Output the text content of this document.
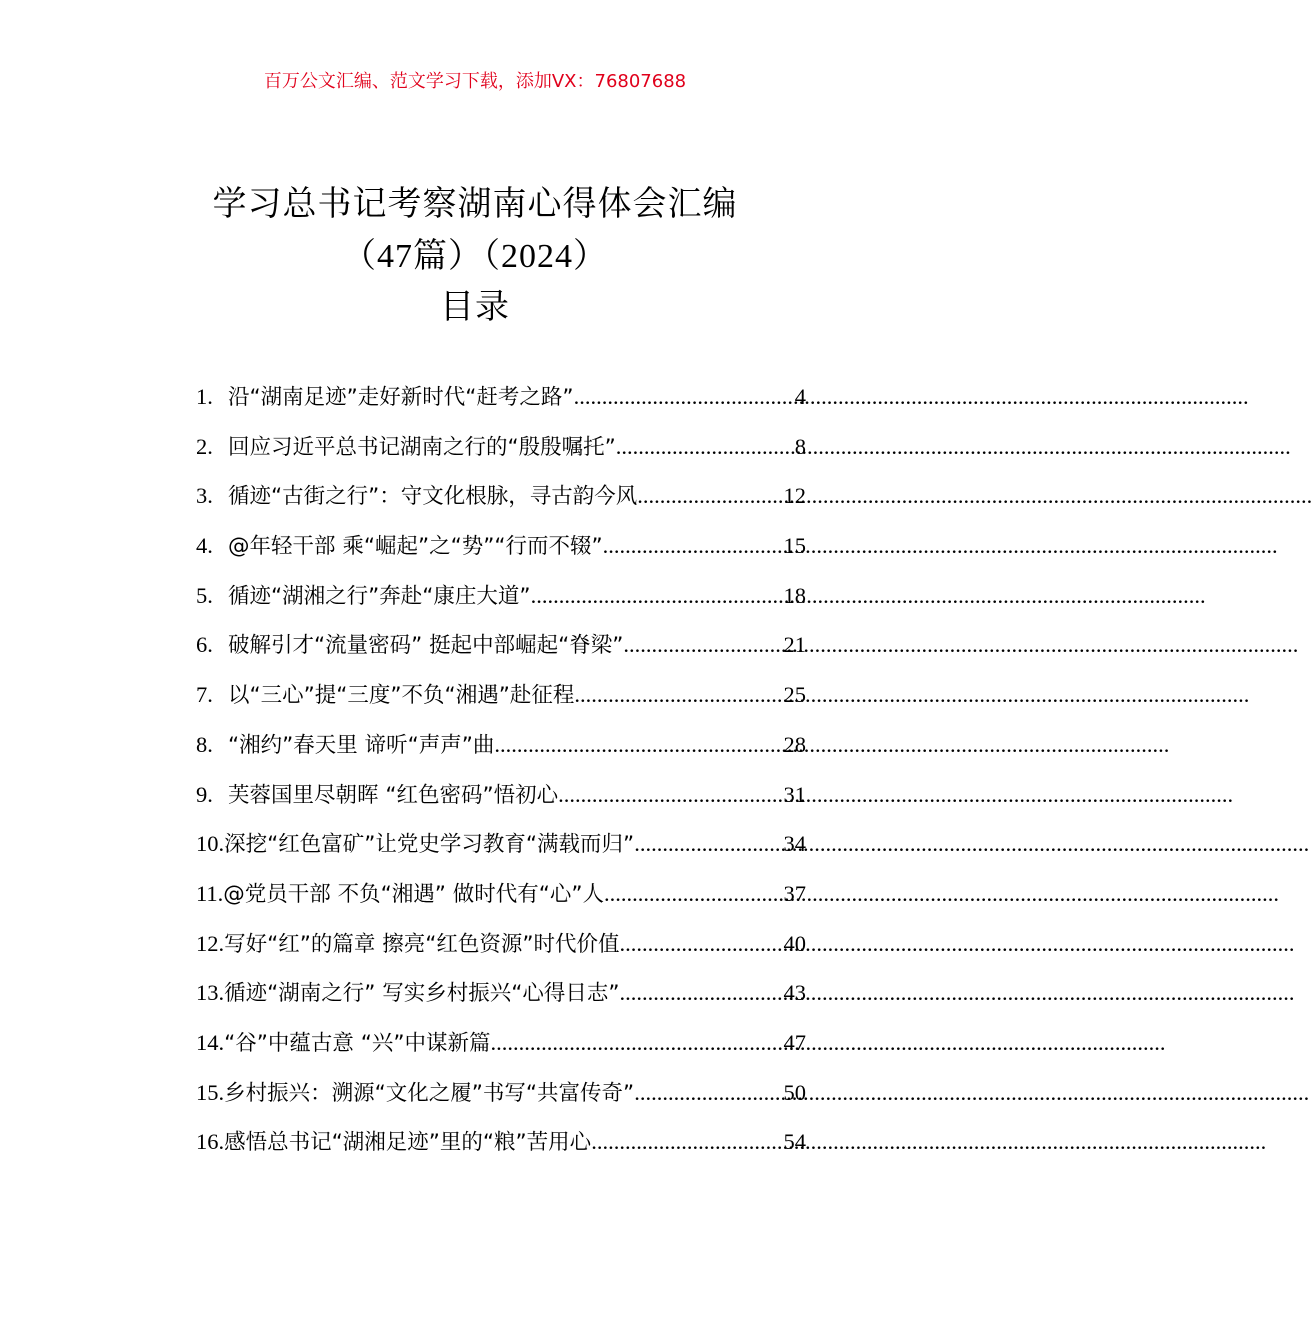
百万公文汇编、范文学习下载，添加VX：76807688
学习总书记考察湖南心得体会汇编
（47篇）（2024）
目录
1. 沿“湖南足迹”走好新时代“赶考之路” .....	4
2. 回应习近平总书记湖南之行的“殷殷嘱托” .....	8
3. 循迹“古街之行”：守文化根脉，寻古韵今风 .....	12
4. @年轻干部 乘“崛起”之“势”“行而不辍” .....	15
5. 循迹“湖湘之行”奔赴“康庄大道” .....	18
6. 破解引才“流量密码” 挺起中部崛起“脊梁” .....	21
7. 以“三心”提“三度”不负“湘遇”赴征程 .....	25
8. “湘约”春天里 谛听“声声”曲 .....	28
9. 芙蓉国里尽朝晖 “红色密码”悟初心 .....	31
10. 深挖“红色富矿”让党史学习教育“满载而归” .....	34
11. @党员干部 不负“湘遇” 做时代有“心”人 .....	37
12. 写好“红”的篇章 擦亮“红色资源”时代价值 .....	40
13. 循迹“湖南之行” 写实乡村振兴“心得日志” .....	43
14. “谷”中蕴古意 “兴”中谋新篇 .....	47
15. 乡村振兴：溯源“文化之履”书写“共富传奇” .....	50
16. 感悟总书记“湖湘足迹”里的“粮”苦用心 .....	54
